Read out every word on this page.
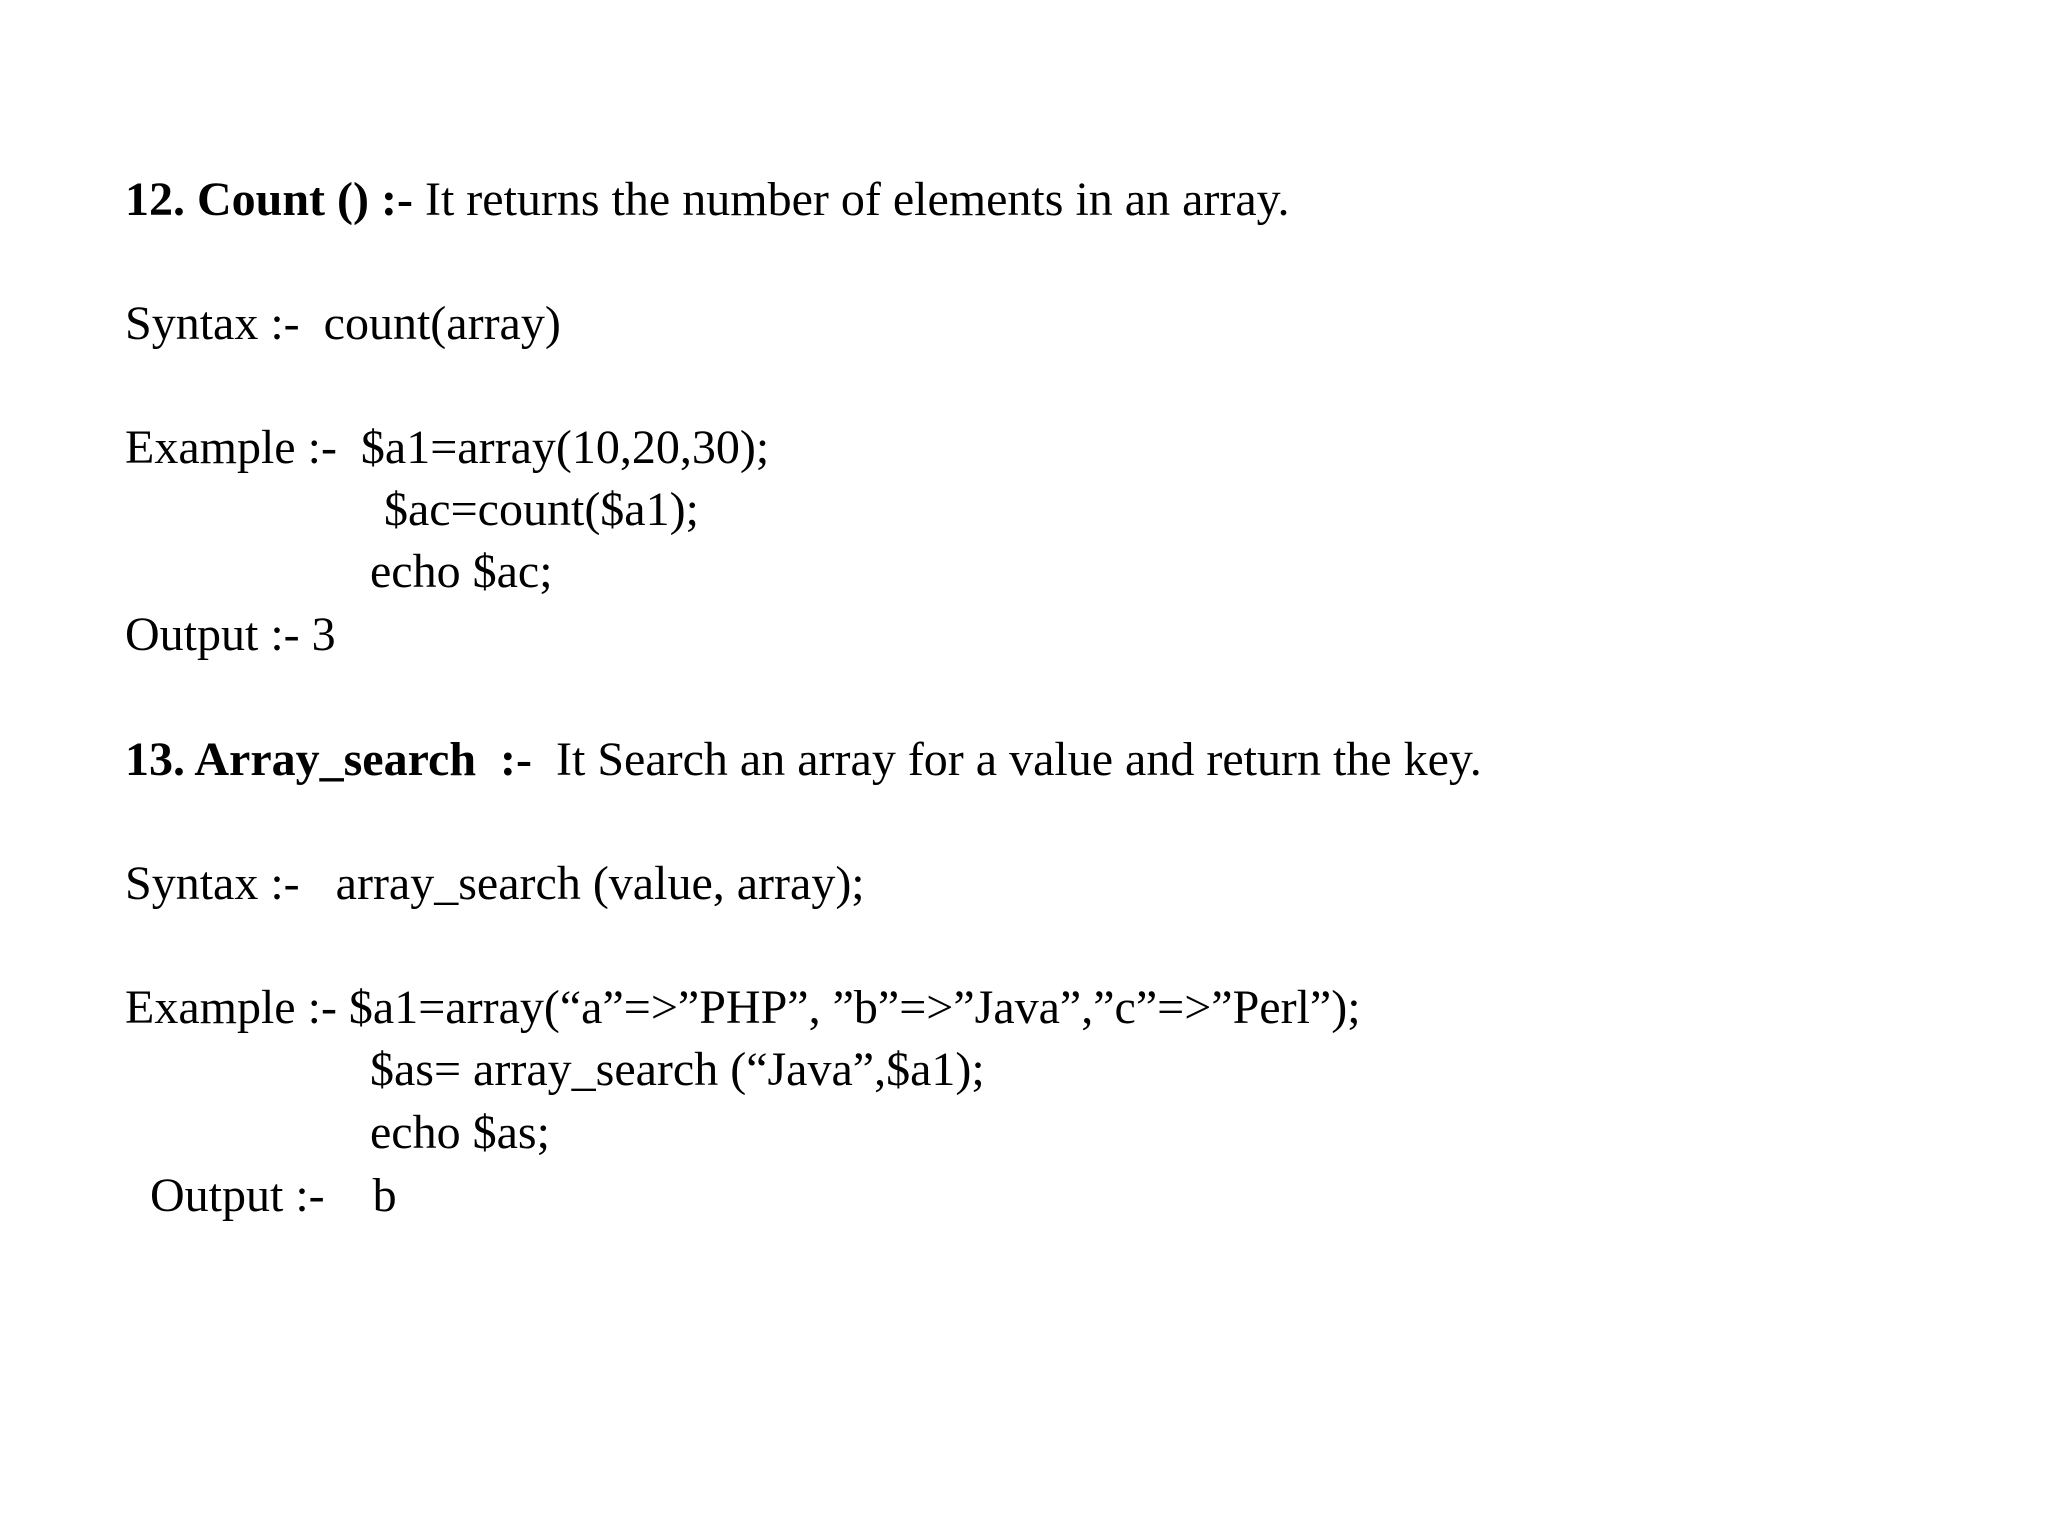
12. Count () :- It returns the number of elements in an array.
Syntax :-  count(array)
Example :-  $a1=array(10,20,30);
$ac=count($a1);
echo $ac;
Output :- 3
13. Array_search  :-  It Search an array for a value and return the key.
Syntax :-   array_search (value, array);
Example :- $a1=array(“a”=>”PHP”, ”b”=>”Java”,”c”=>”Perl”);
$as= array_search (“Java”,$a1);
echo $as;
Output :-    b
